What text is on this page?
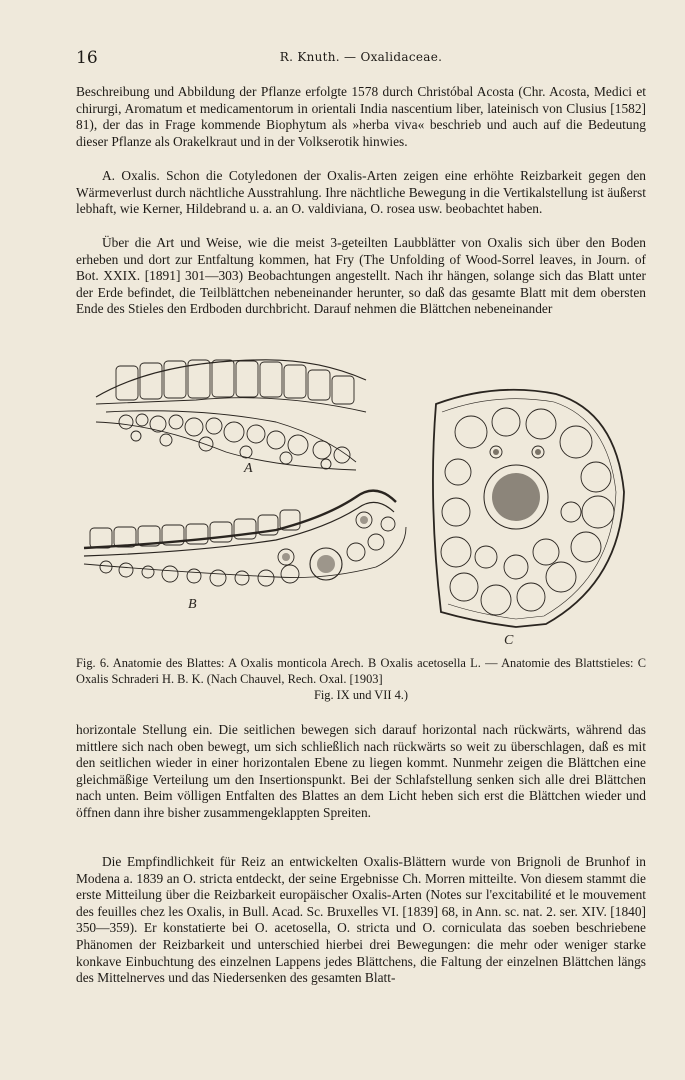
16	R. Knuth. — Oxalidaceae.

Beschreibung und Abbildung der Pflanze erfolgte 1578 durch Christóbal Acosta (Chr. Acosta, Medici et chirurgi, Aromatum et medicamentorum in orientali India nascentium liber, lateinisch von Clusius [1582] 81), der das in Frage kommende Biophytum als »herba viva« beschrieb und auch auf die Bedeutung dieser Pflanze als Orakelkraut und in der Volkserotik hinwies.

A. Oxalis. Schon die Cotyledonen der Oxalis-Arten zeigen eine erhöhte Reizbarkeit gegen den Wärmeverlust durch nächtliche Ausstrahlung. Ihre nächtliche Bewegung in die Vertikalstellung ist äußerst lebhaft, wie Kerner, Hildebrand u. a. an O. valdiviana, O. rosea usw. beobachtet haben.

Über die Art und Weise, wie die meist 3-geteilten Laubblätter von Oxalis sich über den Boden erheben und dort zur Entfaltung kommen, hat Fry (The Unfolding of Wood-Sorrel leaves, in Journ. of Bot. XXIX. [1891] 301—303) Beobachtungen angestellt. Nach ihr hängen, solange sich das Blatt unter der Erde befindet, die Teilblättchen nebeneinander herunter, so daß das gesamte Blatt mit dem obersten Ende des Stieles den Erdboden durchbricht. Darauf nehmen die Blättchen nebeneinander

A
B
C

Fig. 6. Anatomie des Blattes: A Oxalis monticola Arech. B Oxalis acetosella L. — Anatomie des Blattstieles: C Oxalis Schraderi H. B. K. (Nach Chauvel, Rech. Oxal. [1903]
Fig. IX und VII 4.)

horizontale Stellung ein. Die seitlichen bewegen sich darauf horizontal nach rückwärts, während das mittlere sich nach oben bewegt, um sich schließlich nach rückwärts so weit zu überschlagen, daß es mit den seitlichen wieder in einer horizontalen Ebene zu liegen kommt. Nunmehr zeigen die Blättchen eine gleichmäßige Verteilung um den Insertionspunkt. Bei der Schlafstellung senken sich alle drei Blättchen nach unten. Beim völligen Entfalten des Blattes an dem Licht heben sich erst die Blättchen wieder und öffnen dann ihre bisher zusammengeklappten Spreiten.

Die Empfindlichkeit für Reiz an entwickelten Oxalis-Blättern wurde von Brignoli de Brunhof in Modena a. 1839 an O. stricta entdeckt, der seine Ergebnisse Ch. Morren mitteilte. Von diesem stammt die erste Mitteilung über die Reizbarkeit europäischer Oxalis-Arten (Notes sur l'excitabilité et le mouvement des feuilles chez les Oxalis, in Bull. Acad. Sc. Bruxelles VI. [1839] 68, in Ann. sc. nat. 2. ser. XIV. [1840] 350—359). Er konstatierte bei O. acetosella, O. stricta und O. corniculata das soeben beschriebene Phänomen der Reizbarkeit und unterschied hierbei drei Bewegungen: die mehr oder weniger starke konkave Einbuchtung des einzelnen Lappens jedes Blättchens, die Faltung der einzelnen Blättchen längs des Mittelnerves und das Niedersenken des gesamten Blatt-
